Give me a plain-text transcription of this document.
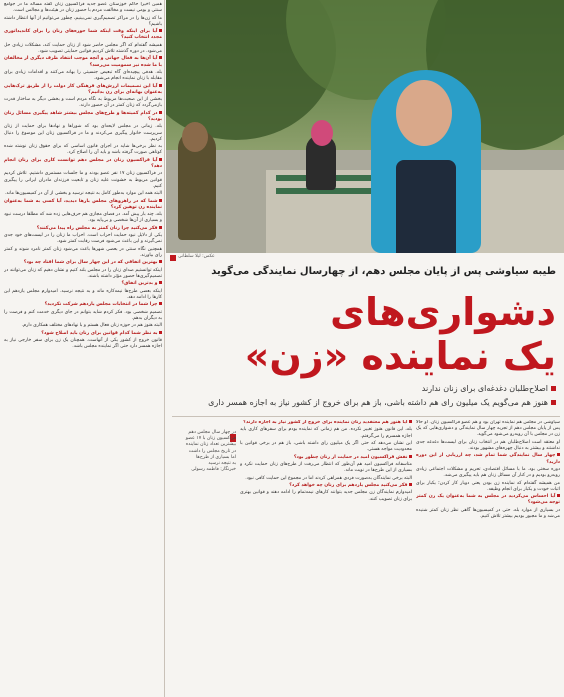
همین اخیرا حاکم خوزستان عضو جدید فراکسیون زنان گفته مساله ما در جوامع سنتی و بومی نیست و مخالفت مردم با حضور زنان در هیئت‌ها و مجالس است.

ما که زن‌ها را در مراکز تصمیم‌گیری نمی‌بینیم، چطور می‌توانیم از آنها انتظار داشته باشیم؟

آیا برای اینکه وقت اینکه شما حوزه‌های زنان را برای کاندیداتوری مجدد انتخاب کنید؟

همیشه گفته‌ام که اگر مجلس حاضر شود از زنان حمایت کند، مشکلات زیادی حل می‌شود. در دوره گذشته تلاش کردیم قوانین حمایتی تصویب شود.

آیا آن‌ها به فعال جهانی و آنچه موجب انتقاد ظرف دیگری از مخالفان با ما شده نیز سمومیت می‌رسد؟

بله. هدفی پیچیده‌ای گاه تبعیض جنسیتی را بهانه می‌کنند و اقدامات زیادی برای مقابله با زنان نماینده انجام می‌شود.

آیا این تصمیمات ارزش‌های فرهنگی کار دولت را از طریق ترک‌هایی به‌عنوان بهانه‌ای برای زن بدانیم؟

بخشی از این صحبت‌ها مربوط به نگاه مردم است و بخشی دیگر به ساختار قدرت بازمی‌گردد که زنان کمتر در آن حضور دارند.

در کدام کمیته‌ها و طرح‌های مجلس بیشتر شاهد پیگیری مسائل زنان بودید؟

بله. زمانی در مجلس لایحه‌ای بود که شوراها و نهادها برای حمایت از زنان سرپرست خانوار پیگیری می‌کردند و ما در فراکسیون زنان این موضوع را دنبال کردیم.

به نظر برخی‌ها شاید در اجرای قانون اساسی که برای حقوق زنان نوشته شده کوتاهی صورت گرفته باشد و باید آن را اصلاح کرد.

آیا فراکسیون زنان در مجلس دهم توانست کاری برای زنان انجام دهد؟

در فراکسیون زنان ۱۷ نفر عضو بودند و ما جلسات مستمری داشتیم. تلاش کردیم قوانین مربوط به خشونت علیه زنان و تابعیت فرزندان مادران ایرانی را پیگیری کنیم.

البته همه این موارد به‌طور کامل به نتیجه نرسید و بخشی از آن در کمیسیون‌ها ماند.

شما که در راهروهای مجلس بارها دیدید، آیا کسی به شما به‌عنوان نماینده زن توهین کرد؟

بله، چند بار پیش آمد. در فضای مجازی هم حرف‌هایی زده شد که مطلقا درست نبود و بسیاری از آن‌ها شخصی و بی‌پایه بود.

فکر می‌کنید چرا زنان کمتر به مجلس راه پیدا می‌کنند؟

یکی از دلایل نبود حمایت احزاب است. احزاب ما زنان را در لیست‌های خود جدی نمی‌گیرند و این باعث می‌شود فرصت رقابت کمتر شود.

همچنین نگاه سنتی در بعضی شهرها باعث می‌شود زنان کمتر نامزد شوند و کمتر رای بیاورند.

بهترین اتفاقی که در این چهار سال برای شما افتاد چه بود؟

اینکه توانستیم صدای زنان را در مجلس بلند کنیم و نشان دهیم که زنان می‌توانند در تصمیم‌گیری‌ها حضور مؤثر داشته باشند.

و بدترین اتفاق؟

اینکه بعضی طرح‌ها نیمه‌کاره ماند و به نتیجه نرسید. امیدوارم مجلس یازدهم این کارها را ادامه دهد.

چرا شما در انتخابات مجلس یازدهم شرکت نکردید؟

تصمیم شخصی بود. فکر کردم شاید بتوانم در جای دیگری خدمت کنم و فرصت را به دیگران بدهم.

البته هنوز هم در حوزه زنان فعال هستم و با نهادهای مختلف همکاری دارم.

به نظر شما کدام قوانین برای زنان باید اصلاح شود؟

قانون خروج از کشور یکی از آنهاست. همچنان یک زن برای سفر خارجی نیاز به اجازه همسر دارد حتی اگر نماینده مجلس باشد.

عکس: لیلا سلطانی
طیبه سیاوشی پس از پایان مجلس دهم، از چهارسال نمایندگی می‌گوید
دشواری‌های
یک نماینده «زن»
اصلاح‌طلبان دغدغه‌ای برای زنان ندارند
هنوز هم می‌گویم یک میلیون رای هم داشته باشی، باز هم برای خروج از کشور نیاز به اجازه همسر داری

سیاوشی در مجلس هم نماینده تهران بود و هم عضو فراکسیون زنان. او حالا پس از پایان مجلس دهم از تجربه چهار سال نمایندگی و دشواری‌هایی که یک زن در مجلس با آن روبه‌رو می‌شود می‌گوید.

او معتقد است اصلاح‌طلبان هم در انتخاب زنان برای لیست‌ها دغدغه جدی نداشتند و بیشتر به دنبال چهره‌های مشهور بودند.

چهار سال نمایندگی شما تمام شد، چه ارزیابی از این دوره دارید؟

دوره سختی بود. ما با مسائل اقتصادی، تحریم و مشکلات اجتماعی زیادی روبه‌رو بودیم و در کنار آن مسائل زنان هم باید پیگیری می‌شد.

من همیشه گفته‌ام که نماینده زن بودن یعنی دوبار کار کردن؛ یکبار برای اثبات خودت و یکبار برای انجام وظیفه.

آیا احساس می‌کردید در مجلس به شما به‌عنوان یک زن کمتر توجه می‌شود؟

در بسیاری از موارد بله. حتی در کمیسیون‌ها گاهی نظر زنان کمتر شنیده می‌شد و ما مجبور بودیم بیشتر تلاش کنیم.

آیا هنوز هم معتقدید زنان نماینده برای خروج از کشور نیاز به اجازه دارند؟

بله، این قانون هنوز تغییر نکرده. من هم زمانی که نماینده بودم برای سفرهای کاری باید اجازه همسرم را می‌گرفتم.

این نشان می‌دهد که حتی اگر یک میلیون رای داشته باشی، باز هم در برخی قوانین با محدودیت مواجه هستی.

نقش فراکسیون امید در حمایت از زنان چطور بود؟

متاسفانه فراکسیون امید هم آن‌طور که انتظار می‌رفت از طرح‌های زنان حمایت نکرد و بسیاری از این طرح‌ها در نوبت ماند.

البته برخی نمایندگان به‌صورت فردی همراهی کردند اما در مجموع این حمایت کافی نبود.

فکر می‌کنید مجلس یازدهم برای زنان چه خواهد کرد؟

امیدوارم نمایندگان زن مجلس جدید بتوانند کارهای نیمه‌تمام را ادامه دهند و قوانین بهتری برای زنان تصویب کنند.

در چهار سال مجلس دهم
فراکسیون زنان با ۱۷ عضو
بیشترین تعداد زنان نماینده
در تاریخ مجلس را داشت
اما بسیاری از طرح‌ها
به نتیجه نرسید
خبرنگار: فاطمه رسولی
